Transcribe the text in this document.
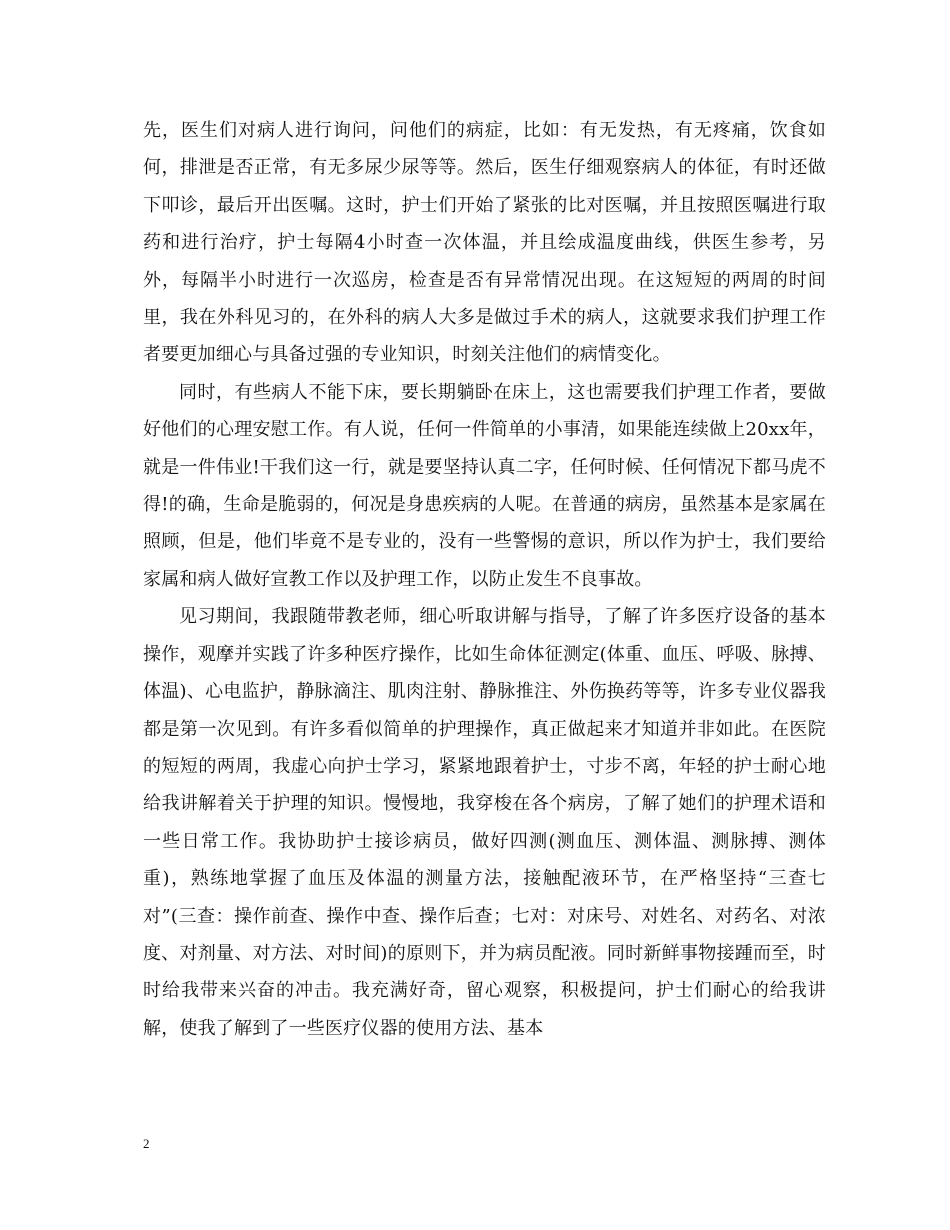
先，医生们对病人进行询问，问他们的病症，比如：有无发热，有无疼痛，饮食如何，排泄是否正常，有无多尿少尿等等。然后，医生仔细观察病人的体征，有时还做下叩诊，最后开出医嘱。这时，护士们开始了紧张的比对医嘱，并且按照医嘱进行取药和进行治疗，护士每隔4小时查一次体温，并且绘成温度曲线，供医生参考，另外，每隔半小时进行一次巡房，检查是否有异常情况出现。在这短短的两周的时间里，我在外科见习的，在外科的病人大多是做过手术的病人，这就要求我们护理工作者要更加细心与具备过强的专业知识，时刻关注他们的病情变化。

同时，有些病人不能下床，要长期躺卧在床上，这也需要我们护理工作者，要做好他们的心理安慰工作。有人说，任何一件简单的小事清，如果能连续做上20xx年，就是一件伟业!干我们这一行，就是要坚持认真二字，任何时候、任何情况下都马虎不得!的确，生命是脆弱的，何况是身患疾病的人呢。在普通的病房，虽然基本是家属在照顾，但是，他们毕竟不是专业的，没有一些警惕的意识，所以作为护士，我们要给家属和病人做好宣教工作以及护理工作，以防止发生不良事故。

见习期间，我跟随带教老师，细心听取讲解与指导，了解了许多医疗设备的基本操作，观摩并实践了许多种医疗操作，比如生命体征测定(体重、血压、呼吸、脉搏、体温)、心电监护，静脉滴注、肌肉注射、静脉推注、外伤换药等等，许多专业仪器我都是第一次见到。有许多看似简单的护理操作，真正做起来才知道并非如此。在医院的短短的两周，我虚心向护士学习，紧紧地跟着护士，寸步不离，年轻的护士耐心地给我讲解着关于护理的知识。慢慢地，我穿梭在各个病房，了解了她们的护理术语和一些日常工作。我协助护士接诊病员，做好四测(测血压、测体温、测脉搏、测体重)，熟练地掌握了血压及体温的测量方法，接触配液环节，在严格坚持“三查七对”(三查：操作前查、操作中查、操作后查；七对：对床号、对姓名、对药名、对浓度、对剂量、对方法、对时间)的原则下，并为病员配液。同时新鲜事物接踵而至，时时给我带来兴奋的冲击。我充满好奇，留心观察，积极提问，护士们耐心的给我讲解，使我了解到了一些医疗仪器的使用方法、基本

2
